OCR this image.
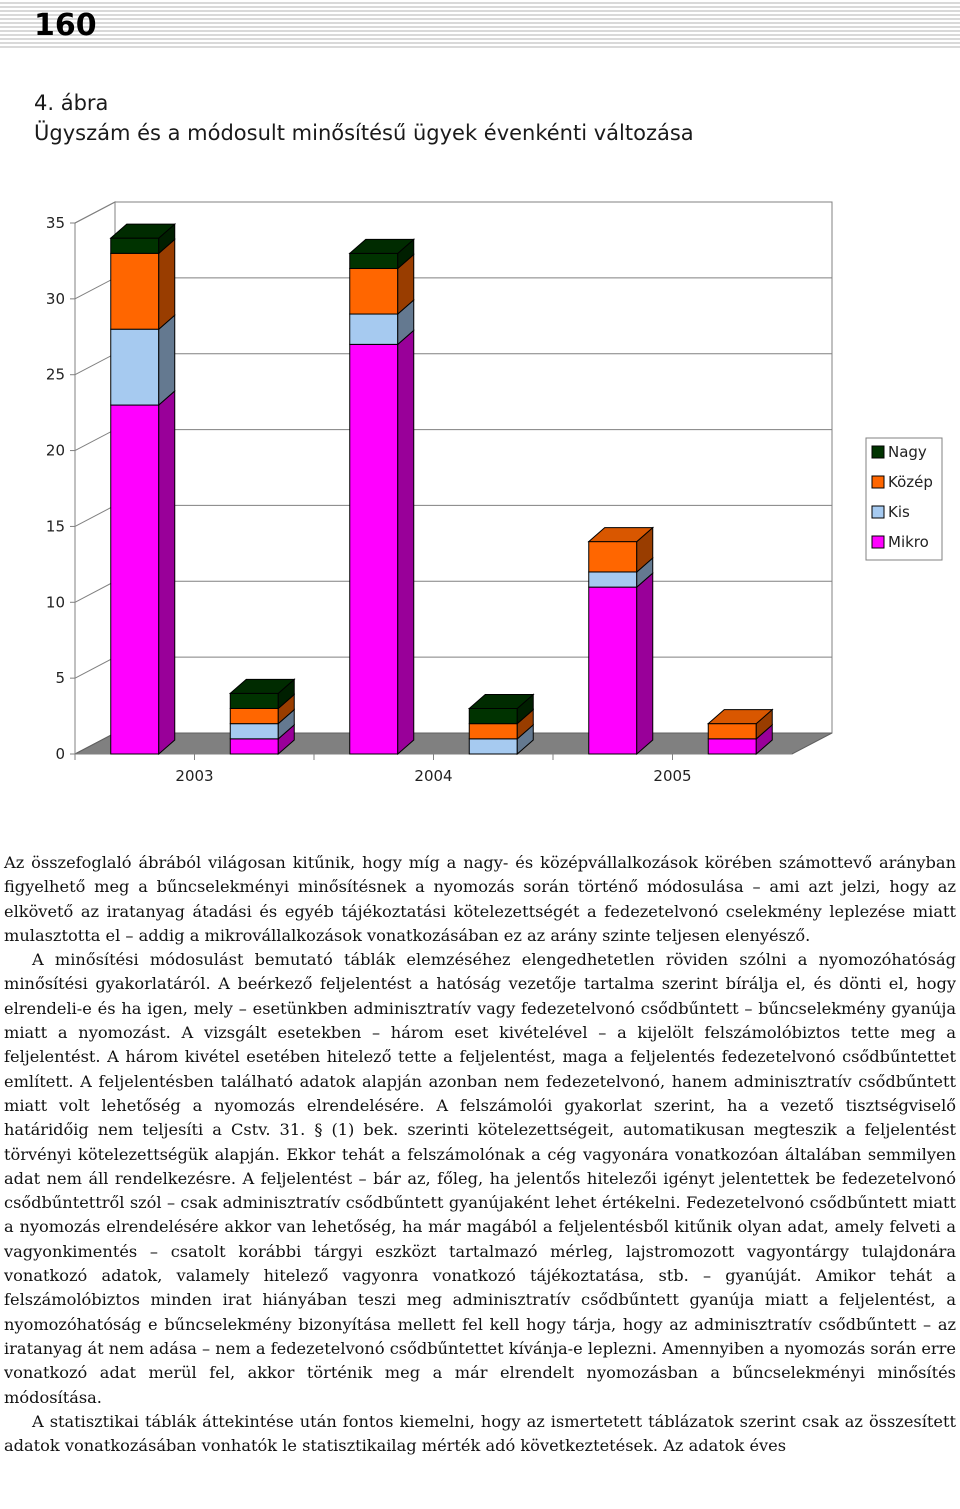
160
4. ábra
Ügyszám és a módosult minősítésű ügyek évenkénti változása
0
5
10
15
20
25
30
35
2003	2004	2005
Nagy
Közép
Kis
Mikro

Az összefoglaló ábrából világosan kitűnik, hogy míg a nagy- és középvállalkozások körében számottevő arányban figyelhető meg a bűncselekményi minősítésnek a nyomozás során történő módosulása – ami azt jelzi, hogy az elkövető az iratanyag átadási és egyéb tájékoztatási kötelezettségét a fedezetelvonó cselekmény leplezése miatt mulasztotta el – addig a mikrovállalkozások vonatkozásában ez az arány szinte teljesen elenyésző.

A minősítési módosulást bemutató táblák elemzéséhez elengedhetetlen röviden szólni a nyomozóhatóság minősítési gyakorlatáról. A beérkező feljelentést a hatóság vezetője tartalma szerint bírálja el, és dönti el, hogy elrendeli-e és ha igen, mely – esetünkben adminisztratív vagy fedezetelvonó csődbűntett – bűncselekmény gyanúja miatt a nyomozást. A vizsgált esetekben – három eset kivételével – a kijelölt felszámolóbiztos tette meg a feljelentést. A három kivétel esetében hitelező tette a feljelentést, maga a feljelentés fedezetelvonó csődbűntettet említett. A feljelentésben található adatok alapján azonban nem fedezetelvonó, hanem adminisztratív csődbűntett miatt volt lehetőség a nyomozás elrendelésére. A felszámolói gyakorlat szerint, ha a vezető tisztségviselő határidőig nem teljesíti a Cstv. 31. § (1) bek. szerinti kötelezettségeit, automatikusan megteszik a feljelentést törvényi kötelezettségük alapján. Ekkor tehát a felszámolónak a cég vagyonára vonatkozóan általában semmilyen adat nem áll rendelkezésre. A feljelentést – bár az, főleg, ha jelentős hitelezői igényt jelentettek be fedezetelvonó csődbűntettről szól – csak adminisztratív csődbűntett gyanújaként lehet értékelni. Fedezetelvonó csődbűntett miatt a nyomozás elrendelésére akkor van lehetőség, ha már magából a feljelentésből kitűnik olyan adat, amely felveti a vagyonkimentés – csatolt korábbi tárgyi eszközt tartalmazó mérleg, lajstromozott vagyontárgy tulajdonára vonatkozó adatok, valamely hitelező vagyonra vonatkozó tájékoztatása, stb. – gyanúját. Amikor tehát a felszámolóbiztos minden irat hiányában teszi meg adminisztratív csődbűntett gyanúja miatt a feljelentést, a nyomozóhatóság e bűncselekmény bizonyítása mellett fel kell hogy tárja, hogy az adminisztratív csődbűntett – az iratanyag át nem adása – nem a fedezetelvonó csődbűntettet kívánja-e leplezni. Amennyiben a nyomozás során erre vonatkozó adat merül fel, akkor történik meg a már elrendelt nyomozásban a bűncselekményi minősítés módosítása.

A statisztikai táblák áttekintése után fontos kiemelni, hogy az ismertetett táblázatok szerint csak az összesített adatok vonatkozásában vonhatók le statisztikailag mérték adó következtetések. Az adatok éves
